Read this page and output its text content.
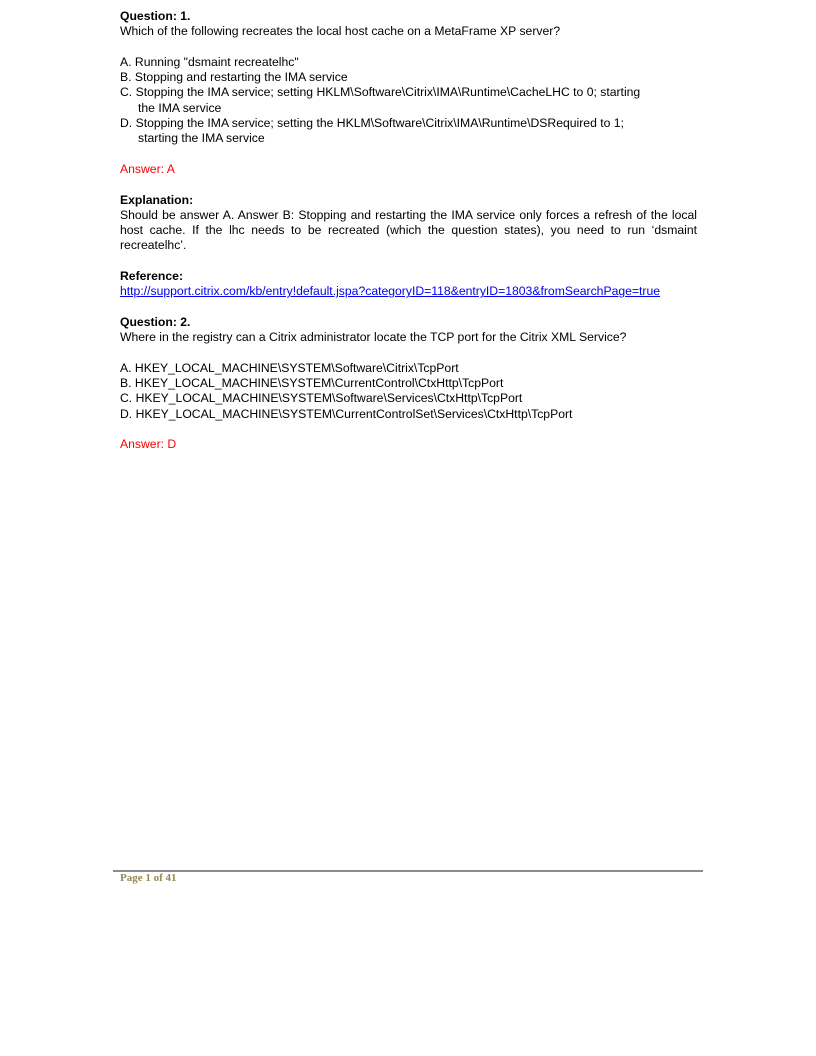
Question: 1.
Which of the following recreates the local host cache on a MetaFrame XP server?
A. Running "dsmaint recreatelhc"
B. Stopping and restarting the IMA service
C. Stopping the IMA service; setting HKLM\Software\Citrix\IMA\Runtime\CacheLHC to 0; starting
the IMA service
D. Stopping the IMA service; setting the HKLM\Software\Citrix\IMA\Runtime\DSRequired to 1;
starting the IMA service
Answer: A
Explanation:
Should be answer A. Answer B: Stopping and restarting the IMA service only forces a refresh of the local host cache. If the lhc needs to be recreated (which the question states), you need to run ‘dsmaint recreatelhc’.
Reference:
http://support.citrix.com/kb/entry!default.jspa?categoryID=118&entryID=1803&fromSearchPage=true
Question: 2.
Where in the registry can a Citrix administrator locate the TCP port for the Citrix XML Service?
A. HKEY_LOCAL_MACHINE\SYSTEM\Software\Citrix\TcpPort
B. HKEY_LOCAL_MACHINE\SYSTEM\CurrentControl\CtxHttp\TcpPort
C. HKEY_LOCAL_MACHINE\SYSTEM\Software\Services\CtxHttp\TcpPort
D. HKEY_LOCAL_MACHINE\SYSTEM\CurrentControlSet\Services\CtxHttp\TcpPort
Answer: D
Page 1 of 41
